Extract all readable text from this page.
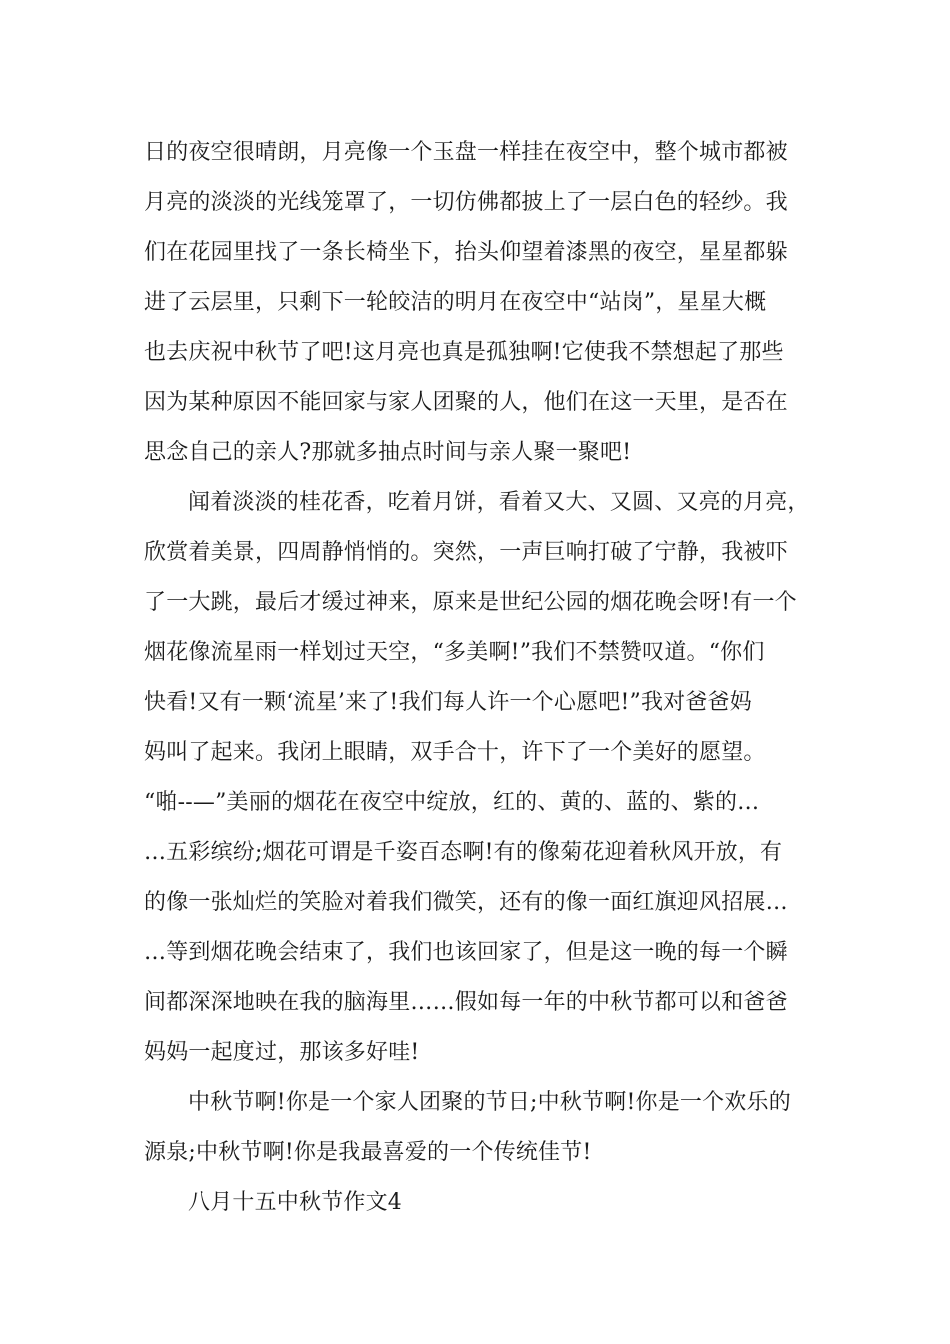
日的夜空很晴朗，月亮像一个玉盘一样挂在夜空中，整个城市都被
月亮的淡淡的光线笼罩了，一切仿佛都披上了一层白色的轻纱。我
们在花园里找了一条长椅坐下，抬头仰望着漆黑的夜空，星星都躲
进了云层里，只剩下一轮皎洁的明月在夜空中“站岗”，星星大概
也去庆祝中秋节了吧!这月亮也真是孤独啊!它使我不禁想起了那些
因为某种原因不能回家与家人团聚的人，他们在这一天里，是否在
思念自己的亲人?那就多抽点时间与亲人聚一聚吧!
闻着淡淡的桂花香，吃着月饼，看着又大、又圆、又亮的月亮，
欣赏着美景，四周静悄悄的。突然，一声巨响打破了宁静，我被吓
了一大跳，最后才缓过神来，原来是世纪公园的烟花晚会呀!有一个
烟花像流星雨一样划过天空，“多美啊!”我们不禁赞叹道。“你们
快看!又有一颗‘流星’来了!我们每人许一个心愿吧!”我对爸爸妈
妈叫了起来。我闭上眼睛，双手合十，许下了一个美好的愿望。
“啪--—”美丽的烟花在夜空中绽放，红的、黄的、蓝的、紫的…
…五彩缤纷;烟花可谓是千姿百态啊!有的像菊花迎着秋风开放，有
的像一张灿烂的笑脸对着我们微笑，还有的像一面红旗迎风招展…
…等到烟花晚会结束了，我们也该回家了，但是这一晚的每一个瞬
间都深深地映在我的脑海里……假如每一年的中秋节都可以和爸爸
妈妈一起度过，那该多好哇!
中秋节啊!你是一个家人团聚的节日;中秋节啊!你是一个欢乐的
源泉;中秋节啊!你是我最喜爱的一个传统佳节!
八月十五中秋节作文4
